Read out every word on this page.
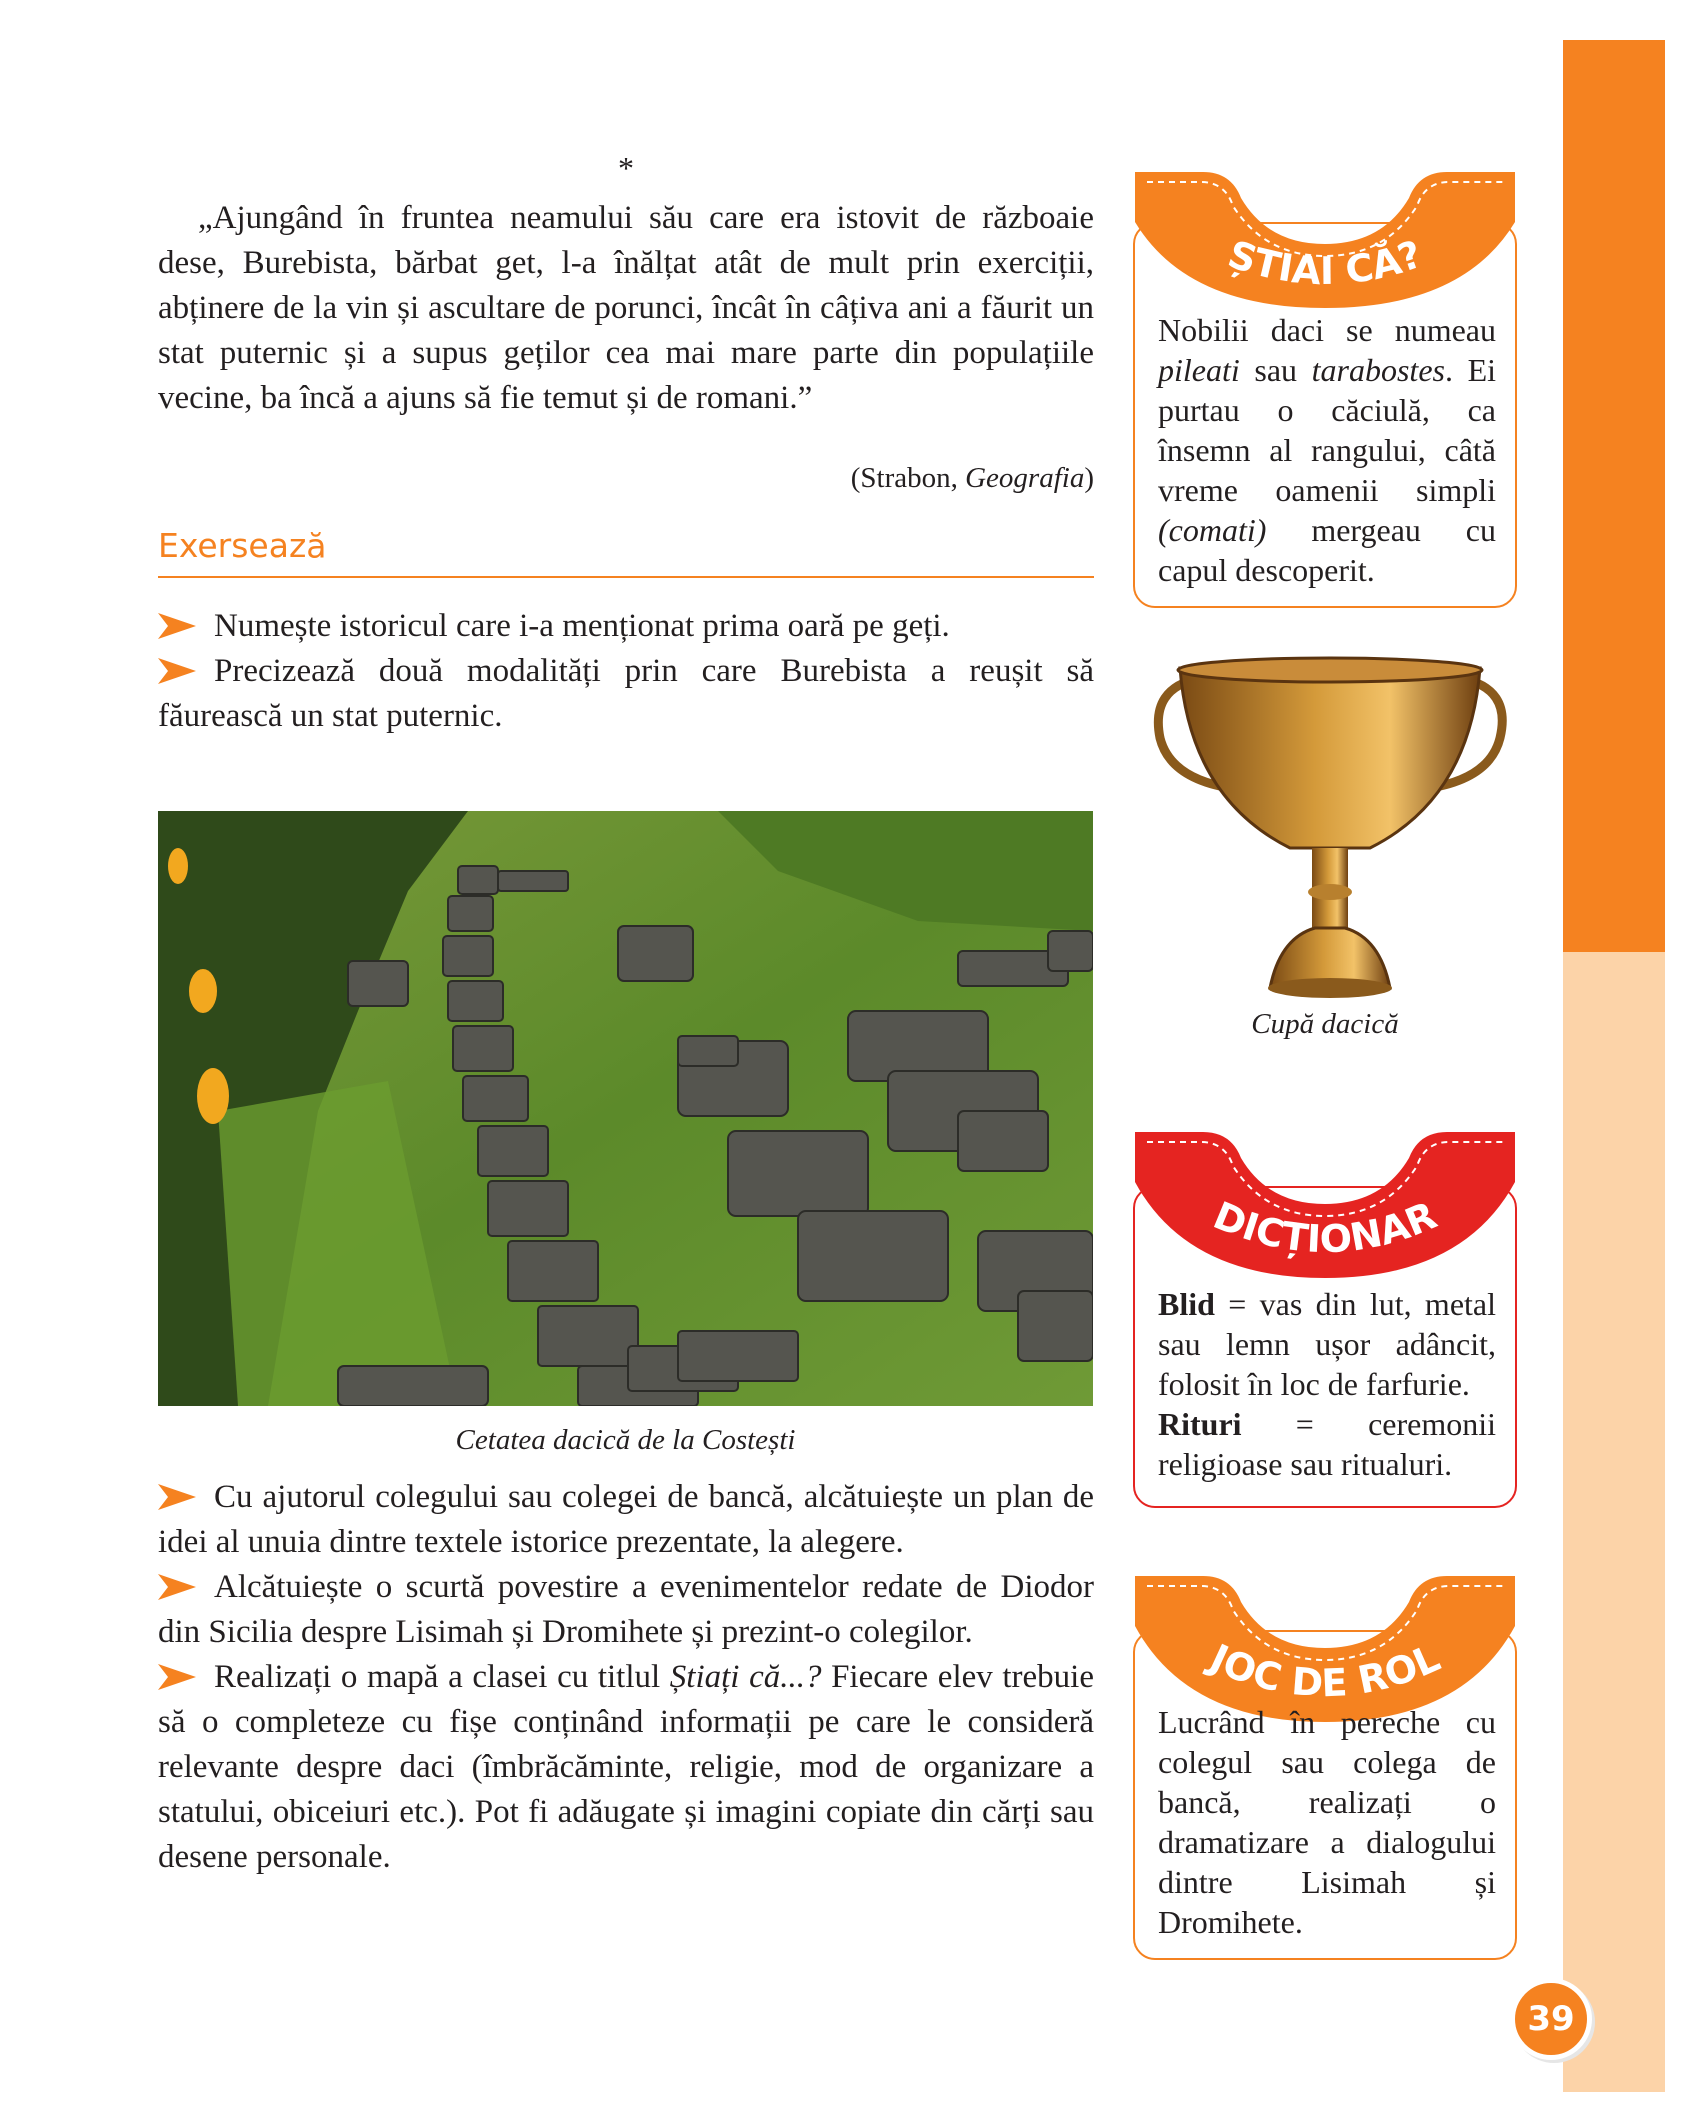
*

„Ajungând în fruntea neamului său care era istovit de războaie dese, Burebista, bărbat get, l-a înălțat atât de mult prin exerciții, abținere de la vin și ascultare de porunci, încât în câțiva ani a făurit un stat puternic și a supus geților cea mai mare parte din populațiile vecine, ba încă a ajuns să fie temut și de romani.”

(Strabon, Geografia)
Exersează

Numește istoricul care i-a menționat prima oară pe geți.

Precizează două modalități prin care Burebista a reușit să făurească un stat puternic.

Cetatea dacică de la Costești

Cu ajutorul colegului sau colegei de bancă, alcătuiește un plan de idei al unuia dintre textele istorice prezentate, la alegere.

Alcătuiește o scurtă povestire a evenimentelor redate de Diodor din Sicilia despre Lisimah și Dromihete și prezint-o colegilor.

Realizați o mapă a clasei cu titlul Știați că...? Fiecare elev trebuie să o completeze cu fișe conținând informații pe care le consideră relevante despre daci (îmbrăcăminte, religie, mod de organizare a statului, obiceiuri etc.). Pot fi adăugate și imagini copiate din cărți sau desene personale.

ȘTIAI CĂ?

Nobilii daci se numeau pileati sau tarabostes. Ei purtau o căciulă, ca însemn al rangului, câtă vreme oamenii simpli (comati) mergeau cu capul descoperit.

Cupă dacică
DICȚIONAR

Blid = vas din lut, metal sau lemn ușor adâncit, folosit în loc de farfurie.

Rituri = ceremonii religioase sau ritualuri.

JOC DE ROL

Lucrând în pereche cu colegul sau colega de bancă, realizați o dramatizare a dialogului dintre Lisimah și Dromihete.

39
